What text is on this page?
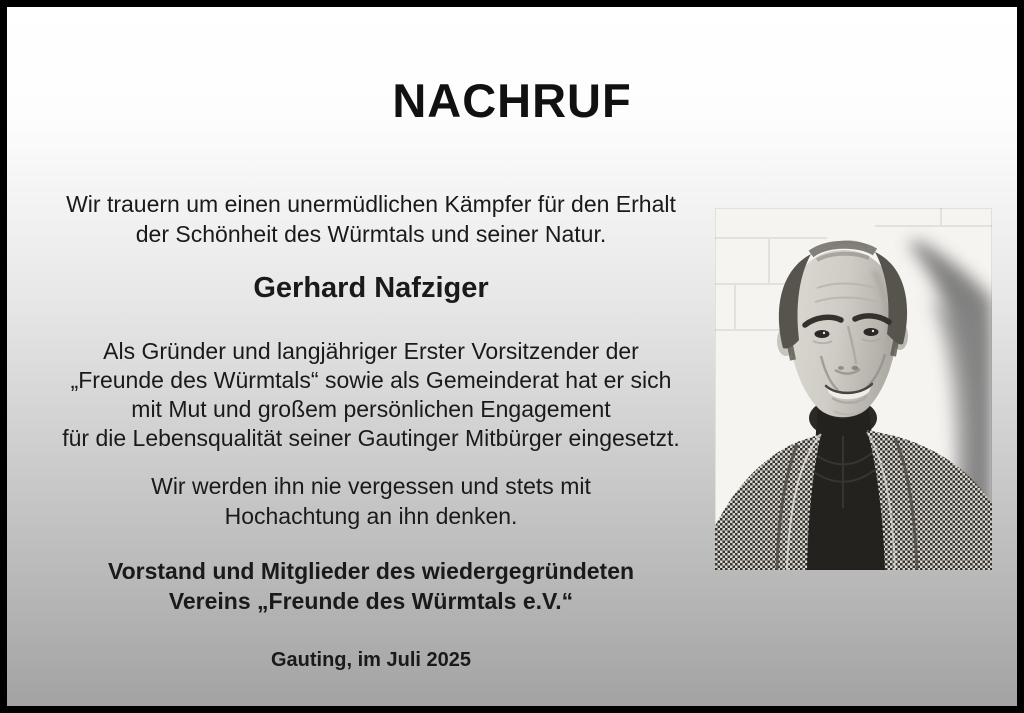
NACHRUF

Wir trauern um einen unermüdlichen Kämpfer für den Erhalt
der Schönheit des Würmtals und seiner Natur.

Gerhard Nafziger

Als Gründer und langjähriger Erster Vorsitzender der
„Freunde des Würmtals“ sowie als Gemeinderat hat er sich
mit Mut und großem persönlichen Engagement
für die Lebensqualität seiner Gautinger Mitbürger eingesetzt.

Wir werden ihn nie vergessen und stets mit
Hochachtung an ihn denken.

Vorstand und Mitglieder des wiedergegründeten
Vereins „Freunde des Würmtals e.V.“

Gauting, im Juli 2025
